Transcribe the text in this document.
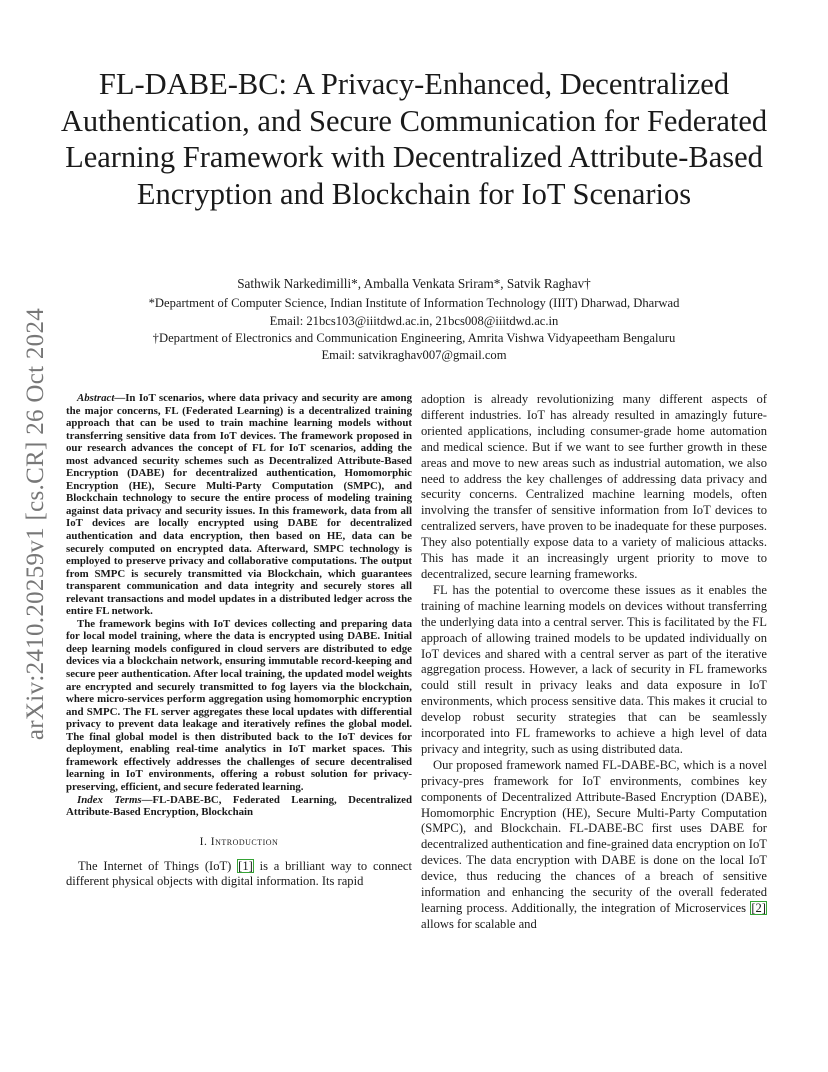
arXiv:2410.20259v1 [cs.CR] 26 Oct 2024
FL-DABE-BC: A Privacy-Enhanced, Decentralized Authentication, and Secure Communication for Federated Learning Framework with Decentralized Attribute-Based Encryption and Blockchain for IoT Scenarios
Sathwik Narkedimilli*, Amballa Venkata Sriram*, Satvik Raghav†
*Department of Computer Science, Indian Institute of Information Technology (IIIT) Dharwad, Dharwad
Email: 21bcs103@iiitdwd.ac.in, 21bcs008@iiitdwd.ac.in
†Department of Electronics and Communication Engineering, Amrita Vishwa Vidyapeetham Bengaluru
Email: satvikraghav007@gmail.com

Abstract—In IoT scenarios, where data privacy and security are among the major concerns, FL (Federated Learning) is a decentralized training approach that can be used to train machine learning models without transferring sensitive data from IoT devices. The framework proposed in our research advances the concept of FL for IoT scenarios, adding the most advanced security schemes such as Decentralized Attribute-Based Encryption (DABE) for decentralized authentication, Homomorphic Encryption (HE), Secure Multi-Party Computation (SMPC), and Blockchain technology to secure the entire process of modeling training against data privacy and security issues. In this framework, data from all IoT devices are locally encrypted using DABE for decentralized authentication and data encryption, then based on HE, data can be securely computed on encrypted data. Afterward, SMPC technology is employed to preserve privacy and collaborative computations. The output from SMPC is securely transmitted via Blockchain, which guarantees transparent communication and data integrity and securely stores all relevant transactions and model updates in a distributed ledger across the entire FL network.

The framework begins with IoT devices collecting and preparing data for local model training, where the data is encrypted using DABE. Initial deep learning models configured in cloud servers are distributed to edge devices via a blockchain network, ensuring immutable record-keeping and secure peer authentication. After local training, the updated model weights are encrypted and securely transmitted to fog layers via the blockchain, where micro-services perform aggregation using homomorphic encryption and SMPC. The FL server aggregates these local updates with differential privacy to prevent data leakage and iteratively refines the global model. The final global model is then distributed back to the IoT devices for deployment, enabling real-time analytics in IoT market spaces. This framework effectively addresses the challenges of secure decentralised learning in IoT environments, offering a robust solution for privacy-preserving, efficient, and secure federated learning.

Index Terms—FL-DABE-BC, Federated Learning, Decentralized Attribute-Based Encryption, Blockchain

I. Introduction

The Internet of Things (IoT) [1] is a brilliant way to connect different physical objects with digital information. Its rapid

adoption is already revolutionizing many different aspects of different industries. IoT has already resulted in amazingly future-oriented applications, including consumer-grade home automation and medical science. But if we want to see further growth in these areas and move to new areas such as industrial automation, we also need to address the key challenges of addressing data privacy and security concerns. Centralized machine learning models, often involving the transfer of sensitive information from IoT devices to centralized servers, have proven to be inadequate for these purposes. They also potentially expose data to a variety of malicious attacks. This has made it an increasingly urgent priority to move to decentralized, secure learning frameworks.

FL has the potential to overcome these issues as it enables the training of machine learning models on devices without transferring the underlying data into a central server. This is facilitated by the FL approach of allowing trained models to be updated individually on IoT devices and shared with a central server as part of the iterative aggregation process. However, a lack of security in FL frameworks could still result in privacy leaks and data exposure in IoT environments, which process sensitive data. This makes it crucial to develop robust security strategies that can be seamlessly incorporated into FL frameworks to achieve a high level of data privacy and integrity, such as using distributed data.

Our proposed framework named FL-DABE-BC, which is a novel privacy-pres framework for IoT environments, combines key components of Decentralized Attribute-Based Encryption (DABE), Homomorphic Encryption (HE), Secure Multi-Party Computation (SMPC), and Blockchain. FL-DABE-BC first uses DABE for decentralized authentication and fine-grained data encryption on IoT devices. The data encryption with DABE is done on the local IoT device, thus reducing the chances of a breach of sensitive information and enhancing the security of the overall federated learning process. Additionally, the integration of Microservices [2] allows for scalable and
